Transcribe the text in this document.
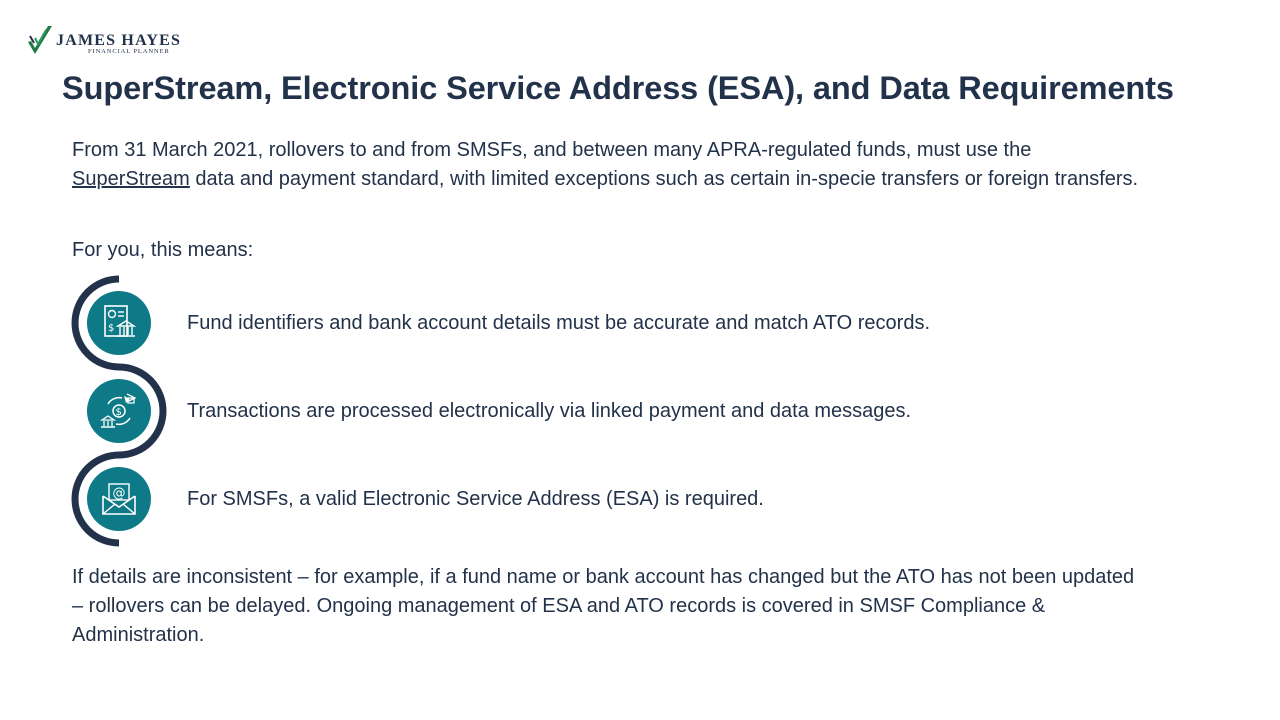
JAMES HAYES
FINANCIAL PLANNER
SuperStream, Electronic Service Address (ESA), and Data Requirements

From 31 March 2021, rollovers to and from SMSFs, and between many APRA-regulated funds, must use the SuperStream data and payment standard, with limited exceptions such as certain in-specie transfers or foreign transfers.

For you, this means:

$
$
@
Fund identifiers and bank account details must be accurate and match ATO records.
Transactions are processed electronically via linked payment and data messages.
For SMSFs, a valid Electronic Service Address (ESA) is required.

If details are inconsistent – for example, if a fund name or bank account has changed but the ATO has not been updated – rollovers can be delayed. Ongoing management of ESA and ATO records is covered in SMSF Compliance & Administration.
